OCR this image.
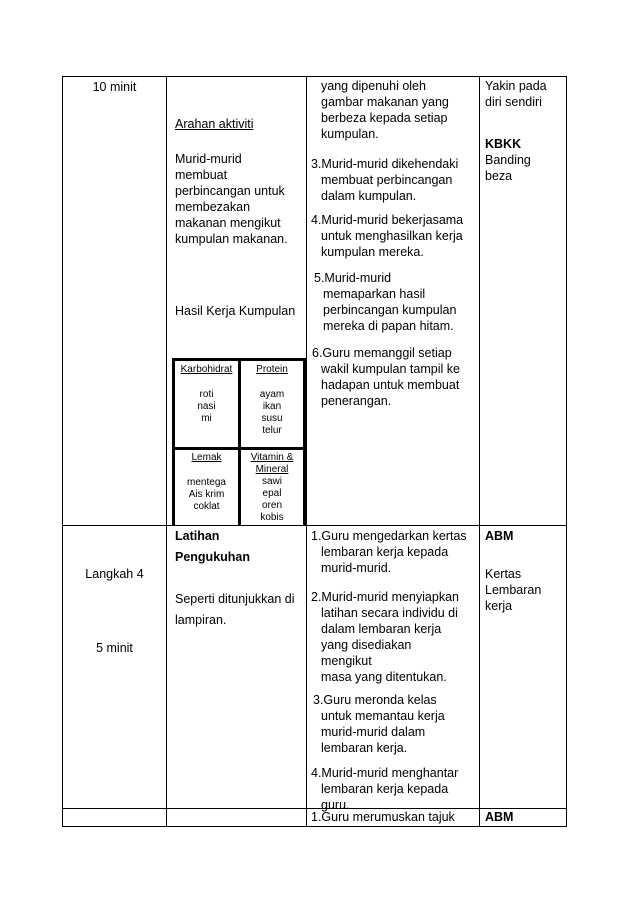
10 minit
Arahan aktiviti
Murid-murid
membuat
perbincangan untuk
membezakan
makanan mengikut
kumpulan makanan.
Hasil Kerja Kumpulan
Karbohidrat
roti
nasi
mi
Protein
ayam
ikan
susu
telur
Lemak
mentega
Ais krim
coklat
Vitamin & Mineral
sawi
epal
oren
kobis
yang dipenuhi oleh
gambar makanan yang
berbeza kepada setiap
kumpulan.
3.Murid-murid dikehendaki
membuat perbincangan
dalam kumpulan.
4.Murid-murid bekerjasama
untuk menghasilkan kerja
kumpulan mereka.
5.Murid-murid
memaparkan hasil
perbincangan kumpulan
mereka di papan hitam.
6.Guru memanggil setiap
wakil kumpulan tampil ke
hadapan untuk membuat
penerangan.
Yakin pada
diri sendiri
KBKK
Banding
beza
Langkah 4
5 minit
Latihan
Pengukuhan
Seperti ditunjukkan di
lampiran.
1.Guru mengedarkan kertas
lembaran kerja kepada
murid-murid.
2.Murid-murid menyiapkan
latihan secara individu di
dalam lembaran kerja
yang disediakan
mengikut
masa yang ditentukan.
3.Guru meronda kelas
untuk memantau kerja
murid-murid dalam
lembaran kerja.
4.Murid-murid menghantar
lembaran kerja kepada
guru.
ABM
Kertas
Lembaran
kerja
1.Guru merumuskan tajuk ABM
